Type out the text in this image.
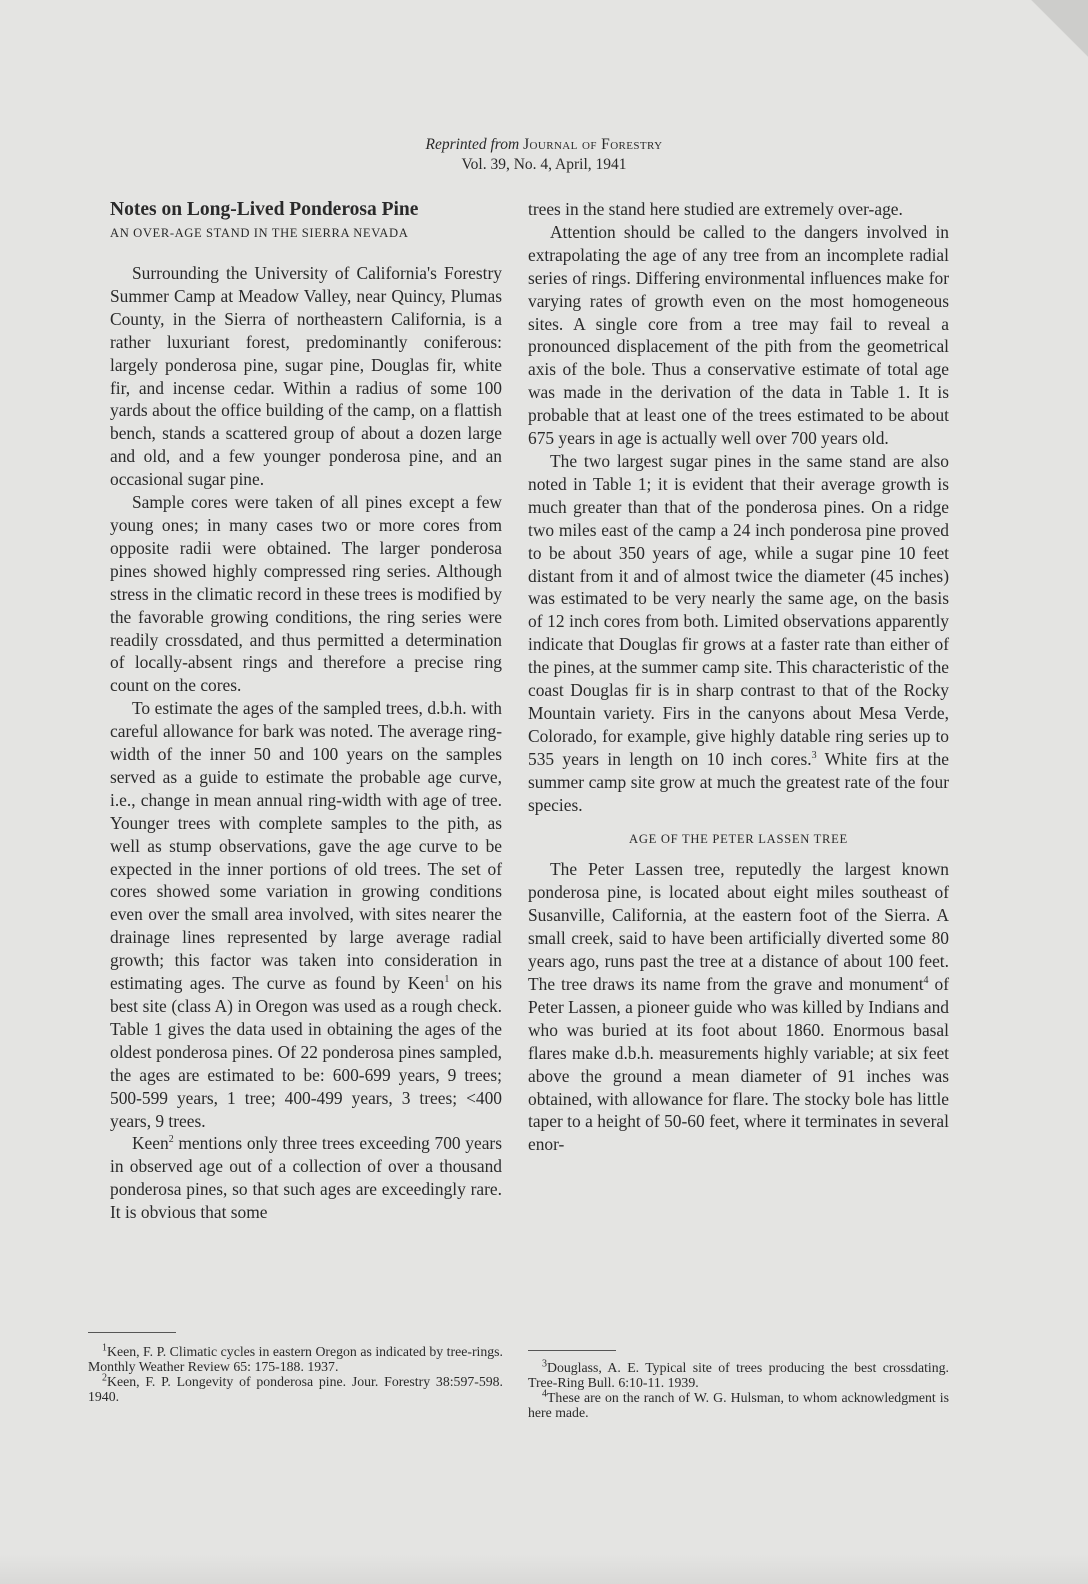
Reprinted from Journal of Forestry
Vol. 39, No. 4, April, 1941
Notes on Long-Lived Ponderosa Pine
AN OVER-AGE STAND IN THE SIERRA NEVADA

Surrounding the University of California's Forestry Summer Camp at Meadow Valley, near Quincy, Plumas County, in the Sierra of northeastern California, is a rather luxuriant forest, predominantly coniferous: largely ponderosa pine, sugar pine, Douglas fir, white fir, and incense cedar. Within a radius of some 100 yards about the office building of the camp, on a flattish bench, stands a scattered group of about a dozen large and old, and a few younger ponderosa pine, and an occasional sugar pine.

Sample cores were taken of all pines except a few young ones; in many cases two or more cores from opposite radii were obtained. The larger ponderosa pines showed highly compressed ring series. Although stress in the climatic record in these trees is modified by the favorable growing conditions, the ring series were readily crossdated, and thus permitted a determination of locally-absent rings and therefore a precise ring count on the cores.

To estimate the ages of the sampled trees, d.b.h. with careful allowance for bark was noted. The average ring-width of the inner 50 and 100 years on the samples served as a guide to estimate the probable age curve, i.e., change in mean annual ring-width with age of tree. Younger trees with complete samples to the pith, as well as stump observations, gave the age curve to be expected in the inner portions of old trees. The set of cores showed some variation in growing conditions even over the small area involved, with sites nearer the drainage lines represented by large average radial growth; this factor was taken into consideration in estimating ages. The curve as found by Keen$^1$ on his best site (class A) in Oregon was used as a rough check. Table 1 gives the data used in obtaining the ages of the oldest ponderosa pines. Of 22 ponderosa pines sampled, the ages are estimated to be: 600-699 years, 9 trees; 500-599 years, 1 tree; 400-499 years, 3 trees; <400 years, 9 trees.

Keen$^2$ mentions only three trees exceeding 700 years in observed age out of a collection of over a thousand ponderosa pines, so that such ages are exceedingly rare. It is obvious that some

trees in the stand here studied are extremely over-age.

Attention should be called to the dangers involved in extrapolating the age of any tree from an incomplete radial series of rings. Differing environmental influences make for varying rates of growth even on the most homogeneous sites. A single core from a tree may fail to reveal a pronounced displacement of the pith from the geometrical axis of the bole. Thus a conservative estimate of total age was made in the derivation of the data in Table 1. It is probable that at least one of the trees estimated to be about 675 years in age is actually well over 700 years old.

The two largest sugar pines in the same stand are also noted in Table 1; it is evident that their average growth is much greater than that of the ponderosa pines. On a ridge two miles east of the camp a 24 inch ponderosa pine proved to be about 350 years of age, while a sugar pine 10 feet distant from it and of almost twice the diameter (45 inches) was estimated to be very nearly the same age, on the basis of 12 inch cores from both. Limited observations apparently indicate that Douglas fir grows at a faster rate than either of the pines, at the summer camp site. This characteristic of the coast Douglas fir is in sharp contrast to that of the Rocky Mountain variety. Firs in the canyons about Mesa Verde, Colorado, for example, give highly datable ring series up to 535 years in length on 10 inch cores.$^3$ White firs at the summer camp site grow at much the greatest rate of the four species.

AGE OF THE PETER LASSEN TREE

The Peter Lassen tree, reputedly the largest known ponderosa pine, is located about eight miles southeast of Susanville, California, at the eastern foot of the Sierra. A small creek, said to have been artificially diverted some 80 years ago, runs past the tree at a distance of about 100 feet. The tree draws its name from the grave and monument$^4$ of Peter Lassen, a pioneer guide who was killed by Indians and who was buried at its foot about 1860. Enormous basal flares make d.b.h. measurements highly variable; at six feet above the ground a mean diameter of 91 inches was obtained, with allowance for flare. The stocky bole has little taper to a height of 50-60 feet, where it terminates in several enor-

$^1$Keen, F. P. Climatic cycles in eastern Oregon as indicated by tree-rings. Monthly Weather Review 65: 175-188. 1937.

$^2$Keen, F. P. Longevity of ponderosa pine. Jour. Forestry 38:597-598. 1940.

$^3$Douglass, A. E. Typical site of trees producing the best crossdating. Tree-Ring Bull. 6:10-11. 1939.

$^4$These are on the ranch of W. G. Hulsman, to whom acknowledgment is here made.
